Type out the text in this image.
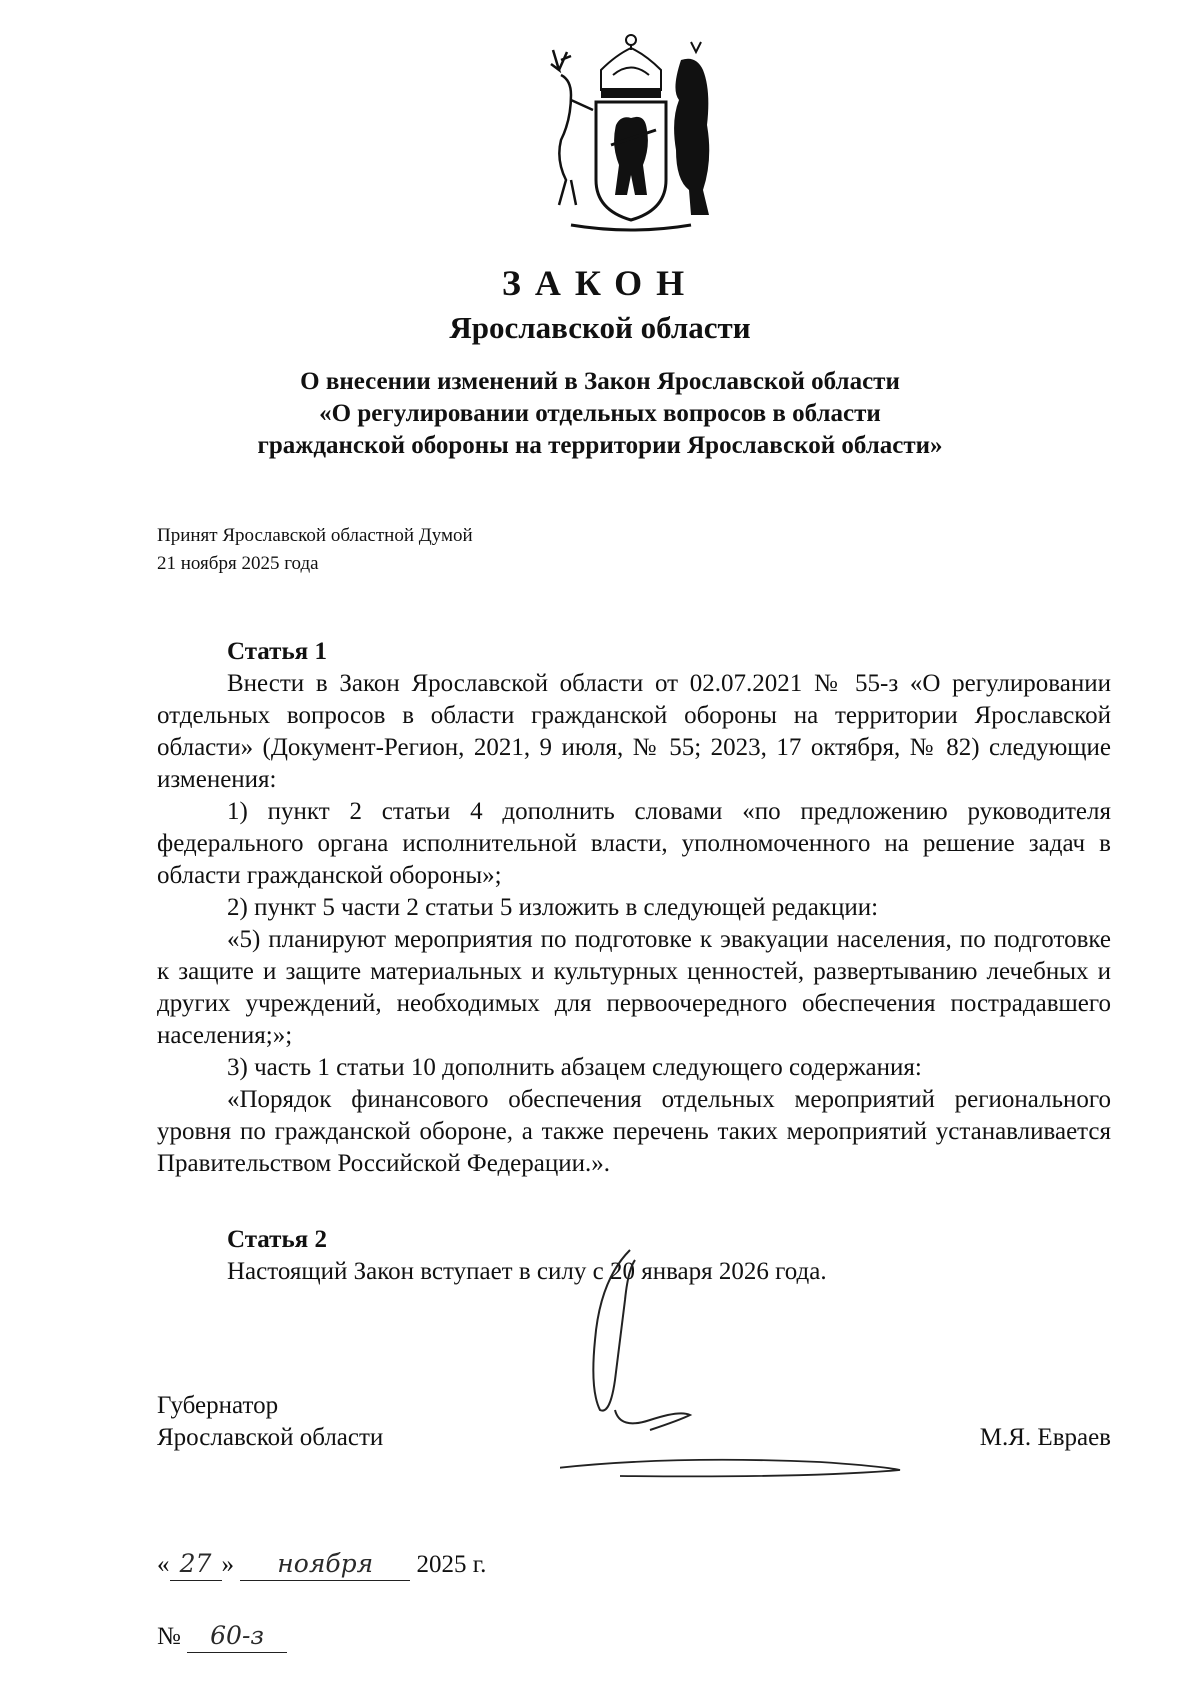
ЗАКОН
Ярославской области
О внесении изменений в Закон Ярославской области
«О регулировании отдельных вопросов в области
гражданской обороны на территории Ярославской области»
Принят Ярославской областной Думой
21 ноября 2025 года
Статья 1

Внести в Закон Ярославской области от 02.07.2021 № 55-з «О регулировании отдельных вопросов в области гражданской обороны на территории Ярославской области» (Документ-Регион, 2021, 9 июля, № 55; 2023, 17 октября, № 82) следующие изменения:

1) пункт 2 статьи 4 дополнить словами «по предложению руководителя федерального органа исполнительной власти, уполномоченного на решение задач в области гражданской обороны»;

2) пункт 5 части 2 статьи 5 изложить в следующей редакции:

«5) планируют мероприятия по подготовке к эвакуации населения, по подготовке к защите и защите материальных и культурных ценностей, развертыванию лечебных и других учреждений, необходимых для первоочередного обеспечения пострадавшего населения;»;

3) часть 1 статьи 10 дополнить абзацем следующего содержания:

«Порядок финансового обеспечения отдельных мероприятий регионального уровня по гражданской обороне, а также перечень таких мероприятий устанавливается Правительством Российской Федерации.».

Статья 2

Настоящий Закон вступает в силу с 20 января 2026 года.

Губернатор
Ярославской области	М.Я. Евраев
« 27 » ноября 2025 г.
№ 60-з
